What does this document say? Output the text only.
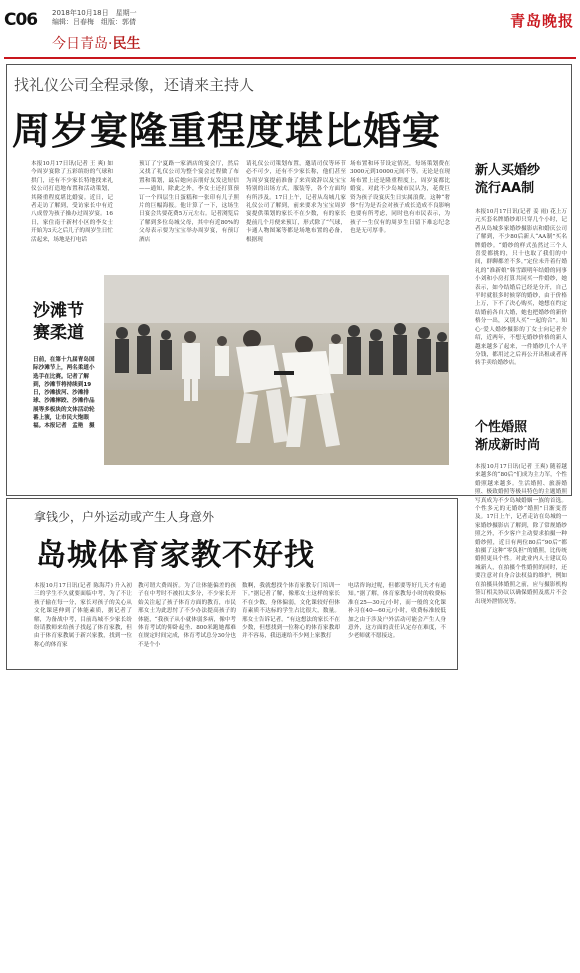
C06 2018年10月18日　星期一
编辑：吕春梅　组版：郭倩
今日青岛·民生
青岛晚报
找礼仪公司全程录像，还请来主持人
周岁宴隆重程度堪比婚宴
本报10月17日讯(记者 王 爽) 如今周岁宴除了五彩缤纷的气球和拱门，还有不少家长特地找来礼仪公司打造地布置和活动策划，其隆重程度堪比婚宴。近日，记者走访了解到，受访家长中有近八成曾为孩子操办过周岁宴。16日，家住南千新村小区的李女士开始为3天之后儿子的周岁生日忙活起来，场地是打电话
预订了宁夏路一家酒店的宴会厅，然后又找了礼仪公司为整个宴会过程做了布置和策划，最后她向亲朋好友发送短信——通知，除此之外，李女士还打算预订一个四层生日蛋糕和一张印有儿子照片的巨幅海报。他计算了一下，这场生日宴会共要花费5万元左右。记者浏览后了解到多位岛城父母，其中有近80%的父母表示要为宝宝举办周岁宴，有预订酒店
请礼仪公司策划布置，邀请司仪等环节必不可少，还有不少家长称，他们甚至为周岁宴提前准备了来宾致辞以及宝宝特别的出场方式，服装等，各个方面均有所涉及。17日上午，记者从岛城几家礼仪公司了解到，前来要求为宝宝周岁宴提供策划的家长不在少数，有的家长提前几个月便来预订，形式除了“气球，卡通人物图案等都是场地布置的必备，根据现
场布置和环节设定情况，每场策划费在3000元到10000元间不等。无论是在现场布置上还是隆重程度上，周岁宴都比婚宴。对此不少岛城市民认为，花费巨资为孩子设宴庆生日实属浪费。这种“奢侈”行为是否会对孩子成长造成不良影响也要有所考虑，同时也有市民表示，为孩子一生仅有的周岁生日留下难忘纪念也是无可厚非。
沙滩节
赛柔道
日前，在第十九届青岛国际沙滩节上，两名柔道小选手在比赛。记者了解到，沙滩节将持续到19日，沙滩拔河、沙滩排球、沙滩摔跤、沙滩作品展等多板块的文体活动轮番上演，让市民大饱眼福。本报记者　孟艳　摄
拿钱少，户外运动或产生人身意外
岛城体育家教不好找
本报10月17日讯(记者 陈海芹) 升入初三的学生不久就要面临中考，为了不让孩子输在每一分，家长对孩子的关心从文化课延伸到了体能素质，据记者了解，为备战中考，目前岛城不少家长纷纷请教师来给孩子找起了体育家教，但由于体育家教属于新兴家教，找到一位称心的体育家
教可谓大费周折。为了让体能偏差的孩子在中考时不被扣太多分，不少家长开始关注起了孩子体育方面的教育，市民邢女士为此思忖了不少办法提高孩子的体能，“我孩子从小就体弱多病，像中考体育考试的仰卧起坐、800米跑她都难在规定时间完成，体育考试总分30分也不是个小
数啊，我就想找个体育家教专门培训一下。”据记者了解，像邢女士这样的家长不在少数，身体偏弱，文化课较好但体育素质不达标的学生占比很大，数量。邢女士告诉记者，“有这想法的家长不在少数，但想找到一位称心的体育家教却并不容易，我迅速给不少网上家教打
电话咨询过呢，但都要等好几天才有通知。”据了解，体育家教每小时的收费标准在25—30元/小时，而一般的文化课补习在40—60元/小时，收费标准较低加之由于涉及户外活动可能会产生人身意外，这方面的责任认定存在难度，不少老师就不愿接这。
新人买婚纱
流行AA制
本报10月17日讯(记者 姜 雨) 花上万元买套名牌婚纱却只穿几个小时，记者从岛城多家婚纱摄影店和婚庆公司了解到，不少80后新人“AA制”买名牌婚纱。“婚纱的样式虽然过三个人喜爱都挑的，只十也取了我们的中间，群聊都差不多，”定位未升着行婚礼的“准新娘”韩雪跟明年结婚的同事小刘和小房打算共同买一件婚纱，她表示，如今结婚后已经是分开，自己平时就很多时候穿的婚纱，由于价格上万，下不了决心购买，她想在约定结婚前各自大婚，她也把婚纱的新价格分一出，又别人买“一起的合”。知心·爱人婚纱摄影的丁女士向记者介绍，近两年，不想无婚纱价格的新人越来越多了起来，一件婚纱几个人平分钱，都用过之后再公开出租或者再转手卖给婚纱店。
个性婚照
渐成新时尚
本报10月17日讯(记者 王爽) 随着越来越多的“80后”们成为主力军，个性婚照越来越多。生活婚照、旅游婚照、极致婚照等极具特色的主题婚照写真成为不少岛城婚姻一族的首选。个性多元的无婚纱“婚照”日渐变普及。17日上午，记者走访在岛城的一家婚纱摄影店了解到，除了常规婚纱照之外，不少客户主动要求拍摄一种婚纱照，近日有两位80后“90后”都拍摄了这种“零负担”的婚照，比传统婚照更具个性。对此业内人士建议岛城新人，在拍摄个性婚照的同时，还要注意对自身合法权益的维护，例如在拍摄具体婚照之前，应与摄影机构签订相关协议以确保婚照及底片不会出现外泄情况等。
